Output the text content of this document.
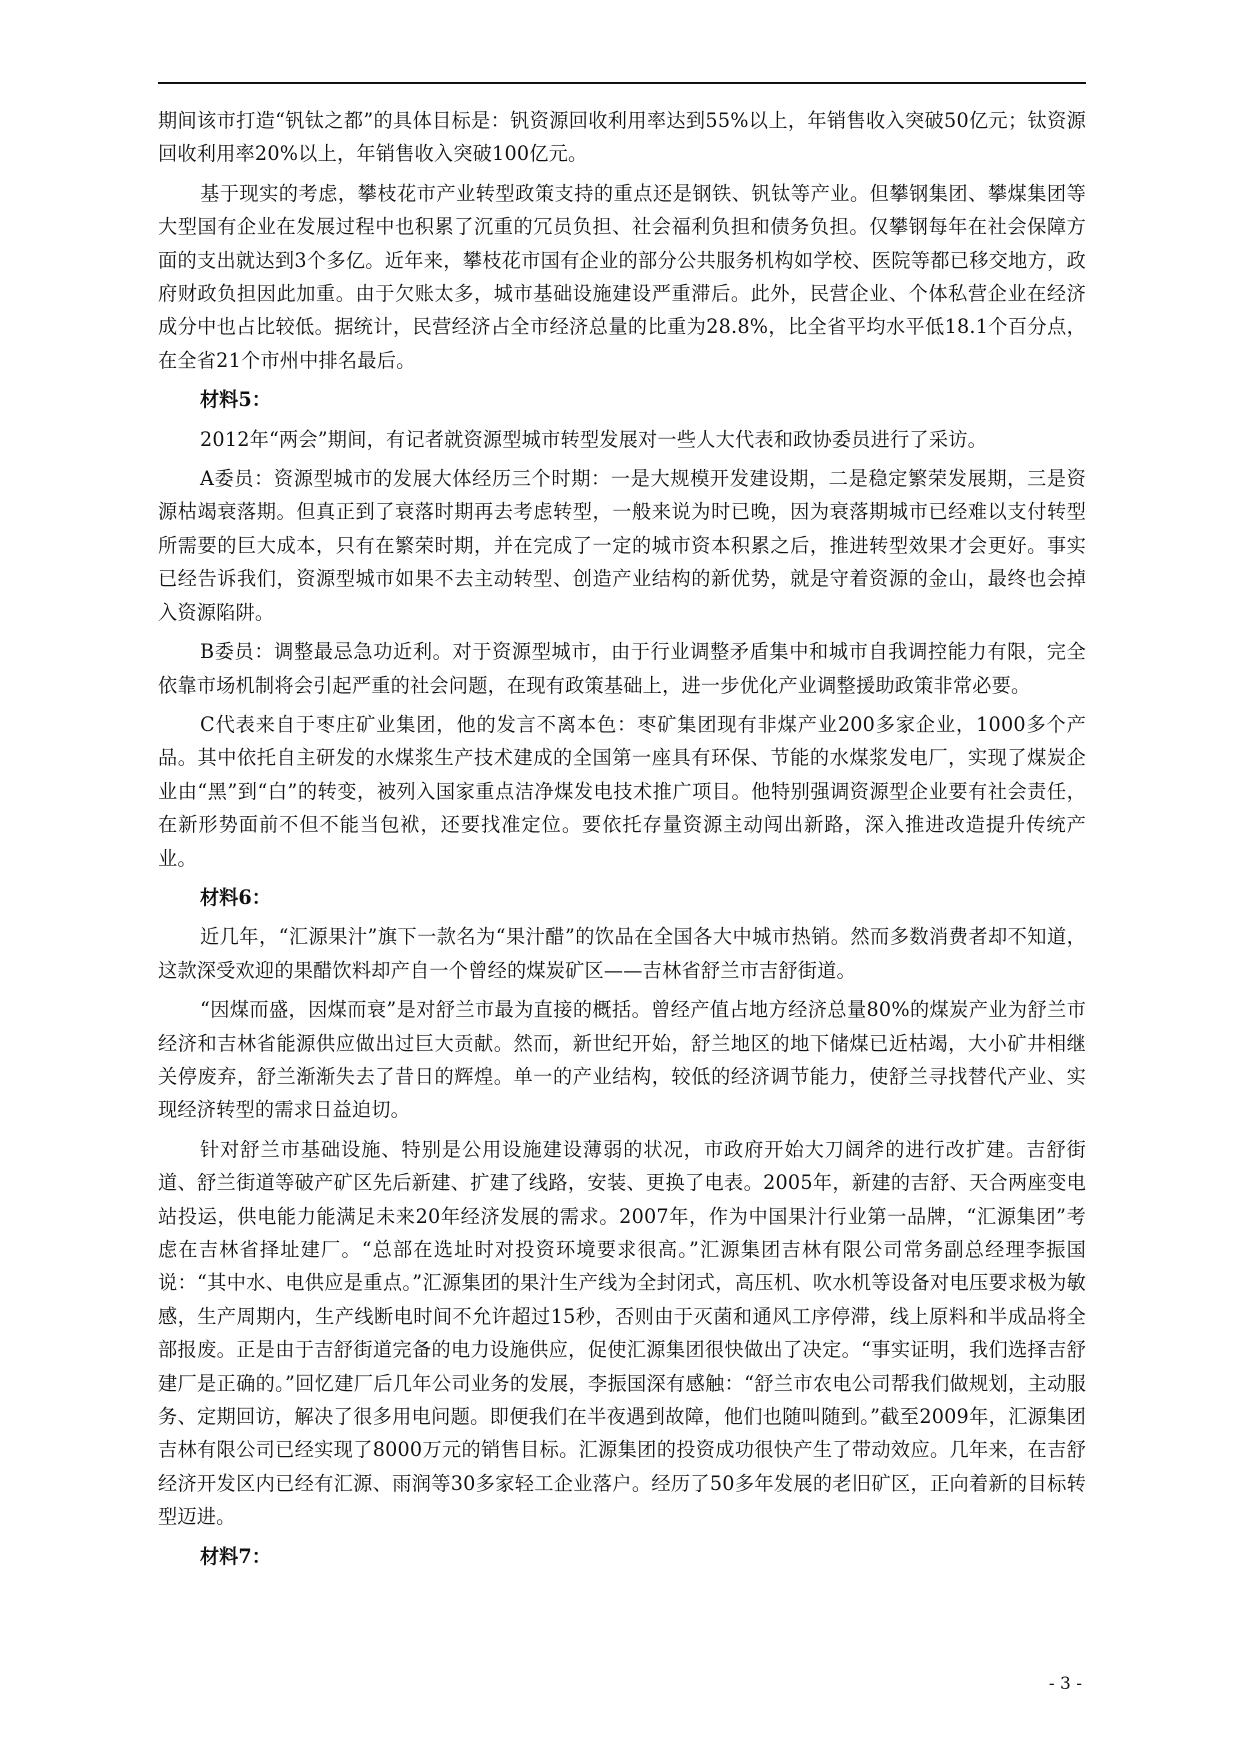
期间该市打造“钒钛之都”的具体目标是：钒资源回收利用率达到55%以上，年销售收入突破50亿元；钛资源回收利用率20%以上，年销售收入突破100亿元。

基于现实的考虑，攀枝花市产业转型政策支持的重点还是钢铁、钒钛等产业。但攀钢集团、攀煤集团等大型国有企业在发展过程中也积累了沉重的冗员负担、社会福利负担和债务负担。仅攀钢每年在社会保障方面的支出就达到3个多亿。近年来，攀枝花市国有企业的部分公共服务机构如学校、医院等都已移交地方，政府财政负担因此加重。由于欠账太多，城市基础设施建设严重滞后。此外，民营企业、个体私营企业在经济成分中也占比较低。据统计，民营经济占全市经济总量的比重为28.8%，比全省平均水平低18.1个百分点，在全省21个市州中排名最后。

材料5：

2012年“两会”期间，有记者就资源型城市转型发展对一些人大代表和政协委员进行了采访。

A委员：资源型城市的发展大体经历三个时期：一是大规模开发建设期，二是稳定繁荣发展期，三是资源枯竭衰落期。但真正到了衰落时期再去考虑转型，一般来说为时已晚，因为衰落期城市已经难以支付转型所需要的巨大成本，只有在繁荣时期，并在完成了一定的城市资本积累之后，推进转型效果才会更好。事实已经告诉我们，资源型城市如果不去主动转型、创造产业结构的新优势，就是守着资源的金山，最终也会掉入资源陷阱。

B委员：调整最忌急功近利。对于资源型城市，由于行业调整矛盾集中和城市自我调控能力有限，完全依靠市场机制将会引起严重的社会问题，在现有政策基础上，进一步优化产业调整援助政策非常必要。

C代表来自于枣庄矿业集团，他的发言不离本色：枣矿集团现有非煤产业200多家企业，1000多个产品。其中依托自主研发的水煤浆生产技术建成的全国第一座具有环保、节能的水煤浆发电厂，实现了煤炭企业由“黑”到“白”的转变，被列入国家重点洁净煤发电技术推广项目。他特别强调资源型企业要有社会责任，在新形势面前不但不能当包袱，还要找准定位。要依托存量资源主动闯出新路，深入推进改造提升传统产业。

材料6：

近几年，“汇源果汁”旗下一款名为“果汁醋”的饮品在全国各大中城市热销。然而多数消费者却不知道，这款深受欢迎的果醋饮料却产自一个曾经的煤炭矿区——吉林省舒兰市吉舒街道。

“因煤而盛，因煤而衰”是对舒兰市最为直接的概括。曾经产值占地方经济总量80%的煤炭产业为舒兰市经济和吉林省能源供应做出过巨大贡献。然而，新世纪开始，舒兰地区的地下储煤已近枯竭，大小矿井相继关停废弃，舒兰渐渐失去了昔日的辉煌。单一的产业结构，较低的经济调节能力，使舒兰寻找替代产业、实现经济转型的需求日益迫切。

针对舒兰市基础设施、特别是公用设施建设薄弱的状况，市政府开始大刀阔斧的进行改扩建。吉舒街道、舒兰街道等破产矿区先后新建、扩建了线路，安装、更换了电表。2005年，新建的吉舒、天合两座变电站投运，供电能力能满足未来20年经济发展的需求。2007年，作为中国果汁行业第一品牌，“汇源集团”考虑在吉林省择址建厂。“总部在选址时对投资环境要求很高。”汇源集团吉林有限公司常务副总经理李振国说：“其中水、电供应是重点。”汇源集团的果汁生产线为全封闭式，高压机、吹水机等设备对电压要求极为敏感，生产周期内，生产线断电时间不允许超过15秒，否则由于灭菌和通风工序停滞，线上原料和半成品将全部报废。正是由于吉舒街道完备的电力设施供应，促使汇源集团很快做出了决定。“事实证明，我们选择吉舒建厂是正确的。”回忆建厂后几年公司业务的发展，李振国深有感触：“舒兰市农电公司帮我们做规划，主动服务、定期回访，解决了很多用电问题。即便我们在半夜遇到故障，他们也随叫随到。”截至2009年，汇源集团吉林有限公司已经实现了8000万元的销售目标。汇源集团的投资成功很快产生了带动效应。几年来，在吉舒经济开发区内已经有汇源、雨润等30多家轻工企业落户。经历了50多年发展的老旧矿区，正向着新的目标转型迈进。

材料7：

- 3 -
